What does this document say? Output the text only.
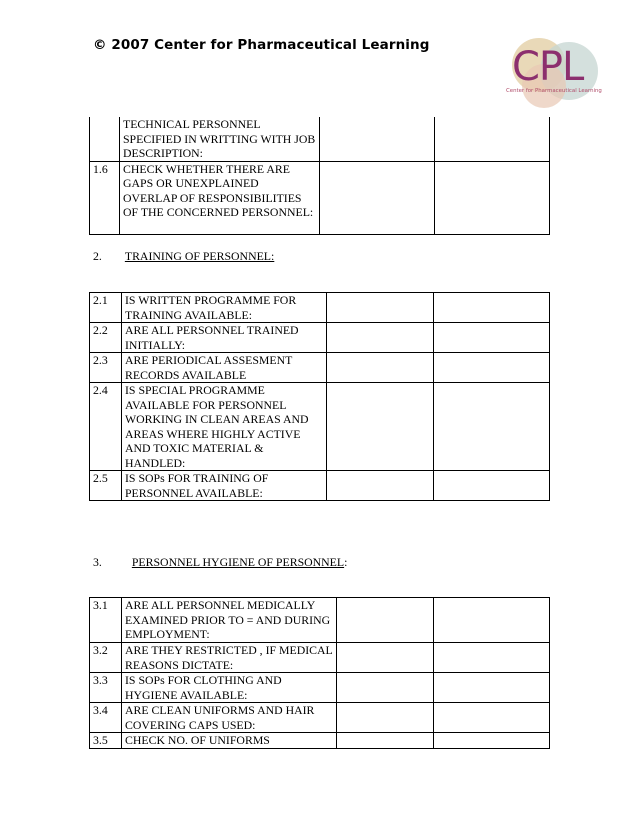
© 2007 Center for Pharmaceutical Learning CPL
Center for Pharmaceutical Learning
	TECHNICAL PERSONNEL SPECIFIED IN WRITTING WITH JOB DESCRIPTION:		
1.6	CHECK WHETHER THERE ARE GAPS OR UNEXPLAINED OVERLAP OF RESPONSIBILITIES OF THE CONCERNED PERSONNEL:		
2. TRAINING OF PERSONNEL:
2.1	IS WRITTEN PROGRAMME FOR TRAINING AVAILABLE:		
2.2	ARE ALL PERSONNEL TRAINED INITIALLY:		
2.3	ARE PERIODICAL ASSESMENT RECORDS AVAILABLE		
2.4	IS SPECIAL PROGRAMME AVAILABLE FOR PERSONNEL WORKING IN CLEAN AREAS AND AREAS WHERE HIGHLY ACTIVE AND TOXIC MATERIAL & HANDLED:		
2.5	IS SOPs FOR TRAINING OF PERSONNEL AVAILABLE:		
3.	PERSONNEL HYGIENE OF PERSONNEL:
3.1	ARE ALL PERSONNEL MEDICALLY EXAMINED PRIOR TO = AND DURING EMPLOYMENT:		
3.2	ARE THEY RESTRICTED , IF MEDICAL REASONS DICTATE:		
3.3	IS SOPs FOR CLOTHING AND HYGIENE AVAILABLE:		
3.4	ARE CLEAN UNIFORMS AND HAIR COVERING CAPS USED:		
3.5	CHECK NO. OF UNIFORMS		
